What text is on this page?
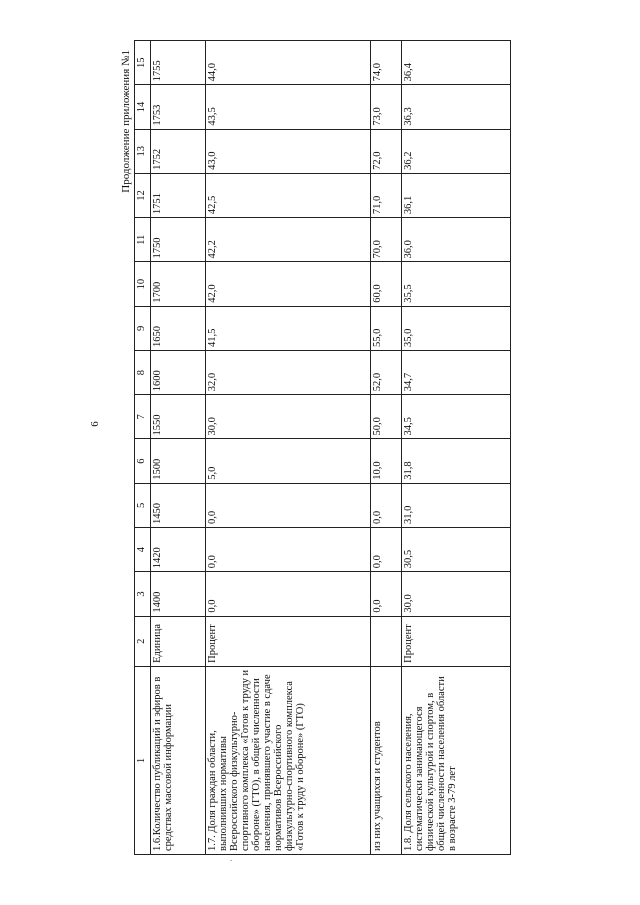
6
Продолжение приложения №1
1	2	3	4	5	6	7	8	9	10	11	12	13	14	15
1.6.Количество публикаций и эфиров в средствах массовой информации	Единица	1400	1420	1450	1500	1550	1600	1650	1700	1750	1751	1752	1753	1755
1.7. Доля граждан области, выполнивших нормативы Всероссийского физкультурно-спортивного комплекса «Готов к труду и обороне» (ГТО), в общей численности населения, принявшего участие в сдаче нормативов Всероссийского физкультурно-спортивного комплекса «Готов к труду и обороне» (ГТО)	Процент	0,0	0,0	0,0	5,0	30,0	32,0	41,5	42,0	42,2	42,5	43,0	43,5	44,0
из них учащихся и студентов		0,0	0,0	0,0	10,0	50,0	52,0	55,0	60,0	70,0	71,0	72,0	73,0	74,0
1.8. Доля сельского населения, систематически занимающегося физической культурой и спортом, в общей численности населения области в возрасте 3-79 лет	Процент	30,0	30,5	31,0	31,8	34,5	34,7	35,0	35,5	36,0	36,1	36,2	36,3	36,4
.
